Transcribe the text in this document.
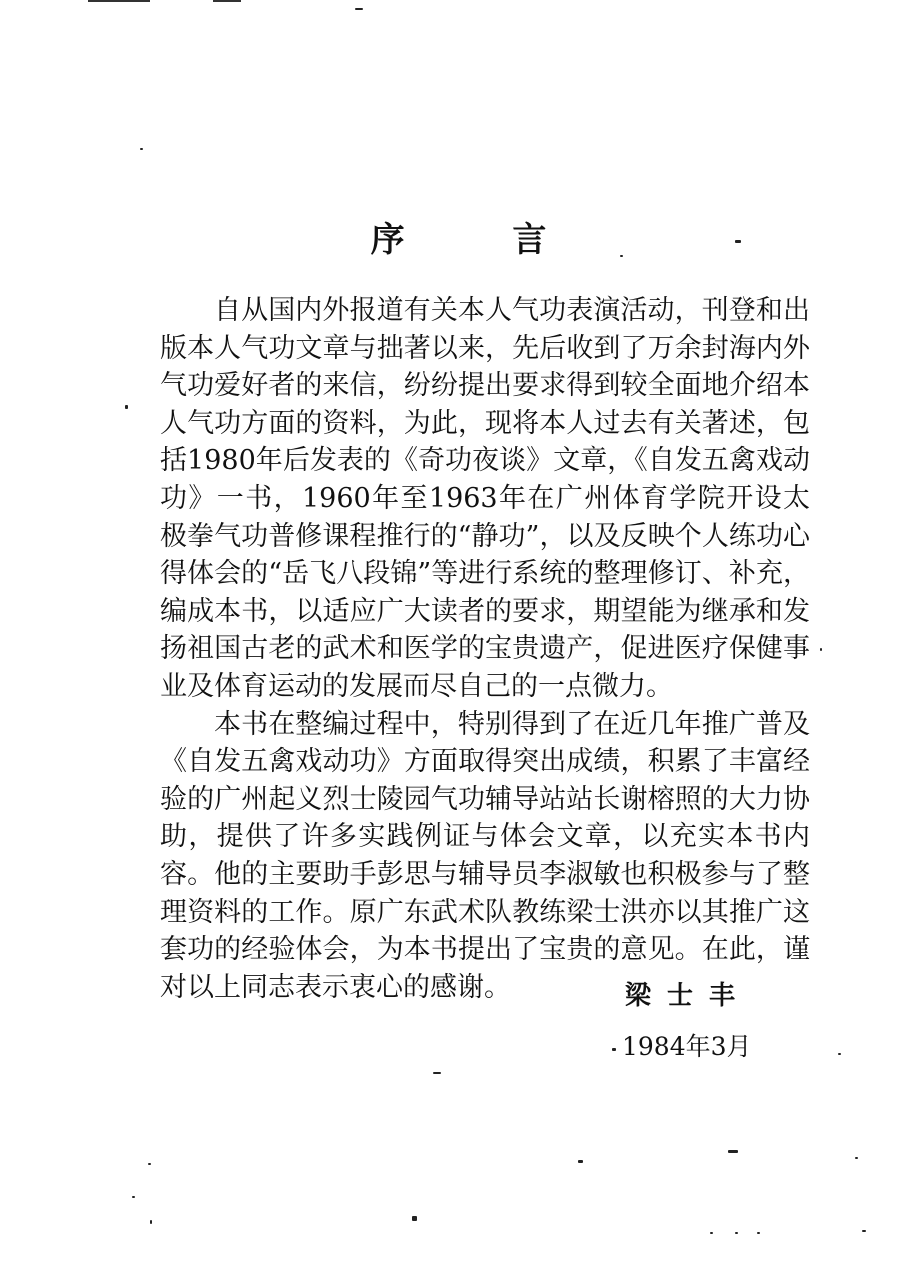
序 言

自从国内外报道有关本人气功表演活动，刊登和出版本人气功文章与拙著以来，先后收到了万余封海内外气功爱好者的来信，纷纷提出要求得到较全面地介绍本人气功方面的资料，为此，现将本人过去有关著述，包括1980年后发表的《奇功夜谈》文章，《自发五禽戏动功》一书，1960年至1963年在广州体育学院开设太极拳气功普修课程推行的“静功”，以及反映个人练功心得体会的“岳飞八段锦”等进行系统的整理修订、补充，编成本书，以适应广大读者的要求，期望能为继承和发扬祖国古老的武术和医学的宝贵遗产，促进医疗保健事业及体育运动的发展而尽自己的一点微力。

本书在整编过程中，特别得到了在近几年推广普及《自发五禽戏动功》方面取得突出成绩，积累了丰富经验的广州起义烈士陵园气功辅导站站长谢榕照的大力协助，提供了许多实践例证与体会文章，以充实本书内容。他的主要助手彭思与辅导员李淑敏也积极参与了整理资料的工作。原广东武术队教练梁士洪亦以其推广这套功的经验体会，为本书提出了宝贵的意见。在此，谨对以上同志表示衷心的感谢。	梁士丰
1984年3月
